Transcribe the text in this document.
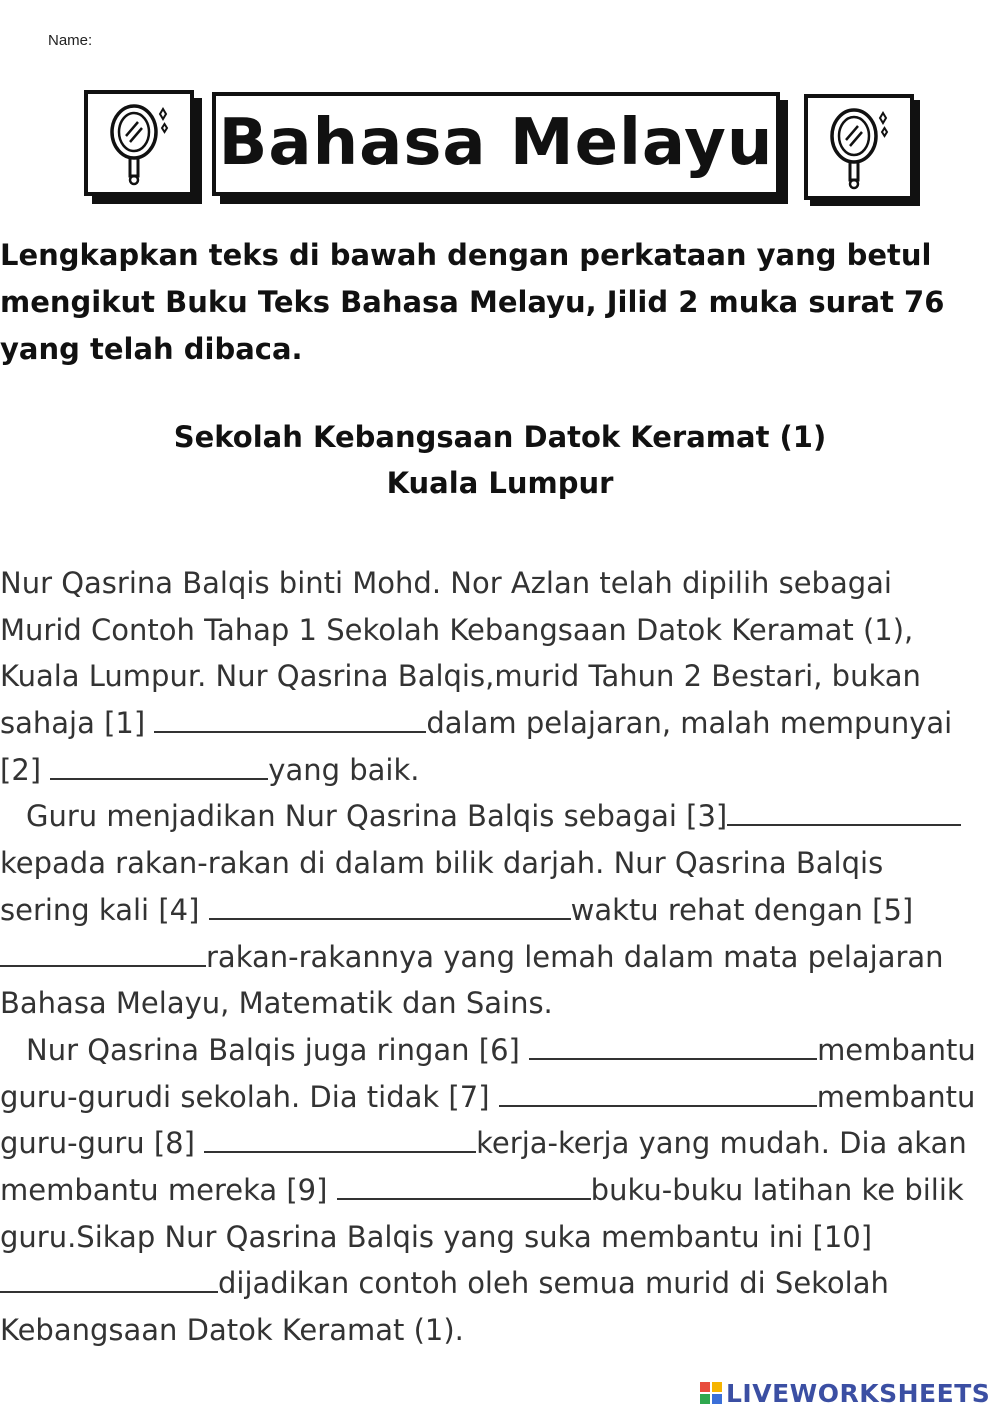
Name:
Bahasa Melayu
Lengkapkan teks di bawah dengan perkataan yang betul mengikut Buku Teks Bahasa Melayu, Jilid 2 muka surat 76 yang telah dibaca.
Sekolah Kebangsaan Datok Keramat (1)
Kuala Lumpur
Nur Qasrina Balqis binti Mohd. Nor Azlan telah dipilih sebagai
Murid Contoh Tahap 1 Sekolah Kebangsaan Datok Keramat (1),
Kuala Lumpur. Nur Qasrina Balqis,murid Tahun 2 Bestari, bukan
sahaja [1]	dalam pelajaran, malah mempunyai
[2]	yang baik.
Guru menjadikan Nur Qasrina Balqis sebagai [3]
kepada rakan-rakan di dalam bilik darjah. Nur Qasrina Balqis
sering kali [4]	waktu rehat dengan [5]
rakan-rakannya yang lemah dalam mata pelajaran
Bahasa Melayu, Matematik dan Sains.
Nur Qasrina Balqis juga ringan [6]	membantu
guru-gurudi sekolah. Dia tidak [7]	membantu
guru-guru [8]	kerja-kerja yang mudah. Dia akan
membantu mereka [9]	buku-buku latihan ke bilik
guru.Sikap Nur Qasrina Balqis yang suka membantu ini [10]
dijadikan contoh oleh semua murid di Sekolah
Kebangsaan Datok Keramat (1).
LIVEWORKSHEETS
